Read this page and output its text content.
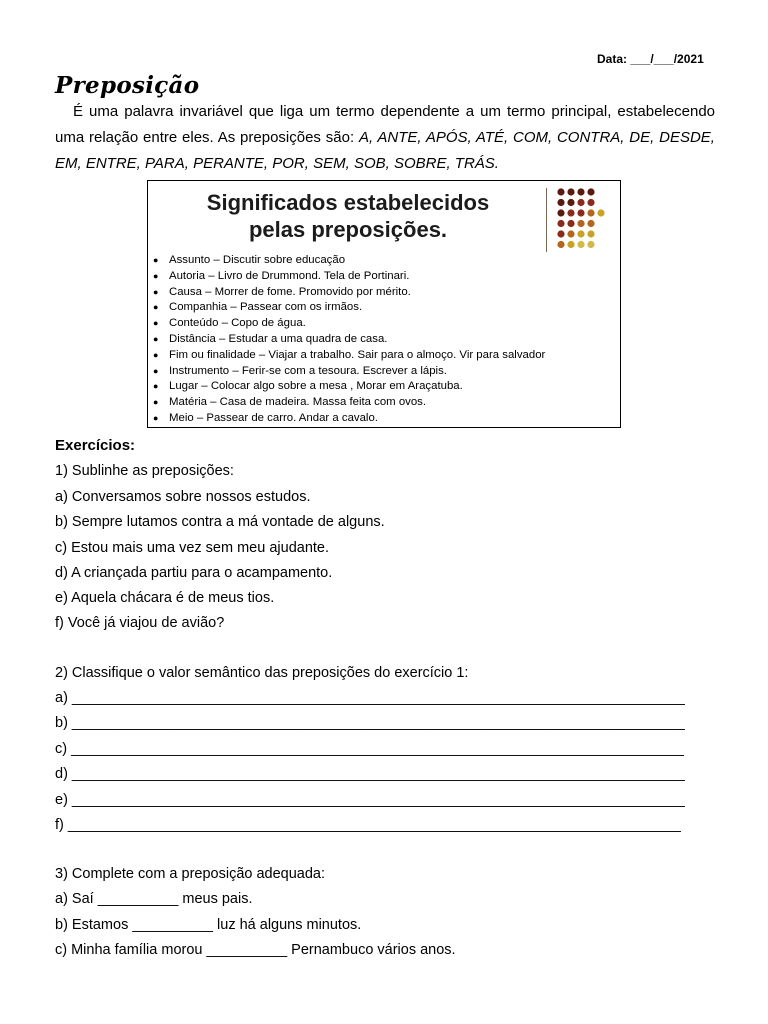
Data: ___/___/2021
Preposição
É uma palavra invariável que liga um termo dependente a um termo principal, estabelecendo uma relação entre eles. As preposições são: A, ANTE, APÓS, ATÉ, COM, CONTRA, DE, DESDE, EM, ENTRE, PARA, PERANTE, POR, SEM, SOB, SOBRE, TRÁS.
Significados estabelecidos
pelas preposições.
● Assunto – Discutir sobre educação
● Autoria – Livro de Drummond. Tela de Portinari.
● Causa – Morrer de fome. Promovido por mérito.
● Companhia – Passear com os irmãos.
● Conteúdo – Copo de água.
● Distância – Estudar a uma quadra de casa.
● Fim ou finalidade – Viajar a trabalho. Sair para o almoço. Vir para salvador
● Instrumento – Ferir-se com a tesoura. Escrever a lápis.
● Lugar – Colocar algo sobre a mesa , Morar em Araçatuba.
● Matéria – Casa de madeira. Massa feita com ovos.
● Meio – Passear de carro. Andar a cavalo.
Exercícios:
1) Sublinhe as preposições:
a) Conversamos sobre nossos estudos.
b) Sempre lutamos contra a má vontade de alguns.
c) Estou mais uma vez sem meu ajudante.
d) A criançada partiu para o acampamento.
e) Aquela chácara é de meus tios.
f) Você já viajou de avião?
2) Classifique o valor semântico das preposições do exercício 1:
a) ____________________________________________________________________________
b) ____________________________________________________________________________
c) ____________________________________________________________________________
d) ____________________________________________________________________________
e) ____________________________________________________________________________
f) ____________________________________________________________________________
3) Complete com a preposição adequada:
a) Saí __________ meus pais.
b) Estamos __________ luz há alguns minutos.
c) Minha família morou __________ Pernambuco vários anos.
